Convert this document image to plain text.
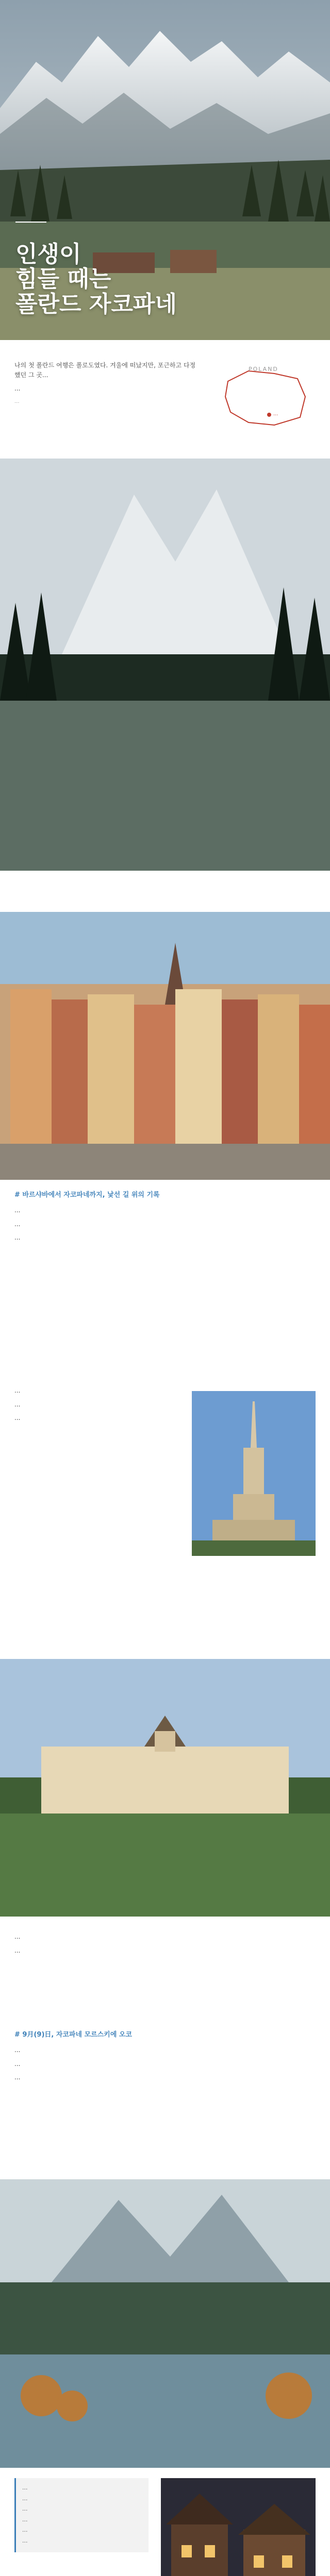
인생이
힘들 때는
폴란드 자코파네

나의 첫 폴란드 여행은 폴로도였다. 겨울에 떠났지만, 포근하고 다정했던 그 곳...

...

...
POLAND
...
# 바르샤바에서 자코파네까지, 낯선 길 위의 기록

...

...

...

...

...

...

...

...

# 9月(9)日, 자코파네 모르스키에 오코

...

...

...

...
...
...
...
...
...
